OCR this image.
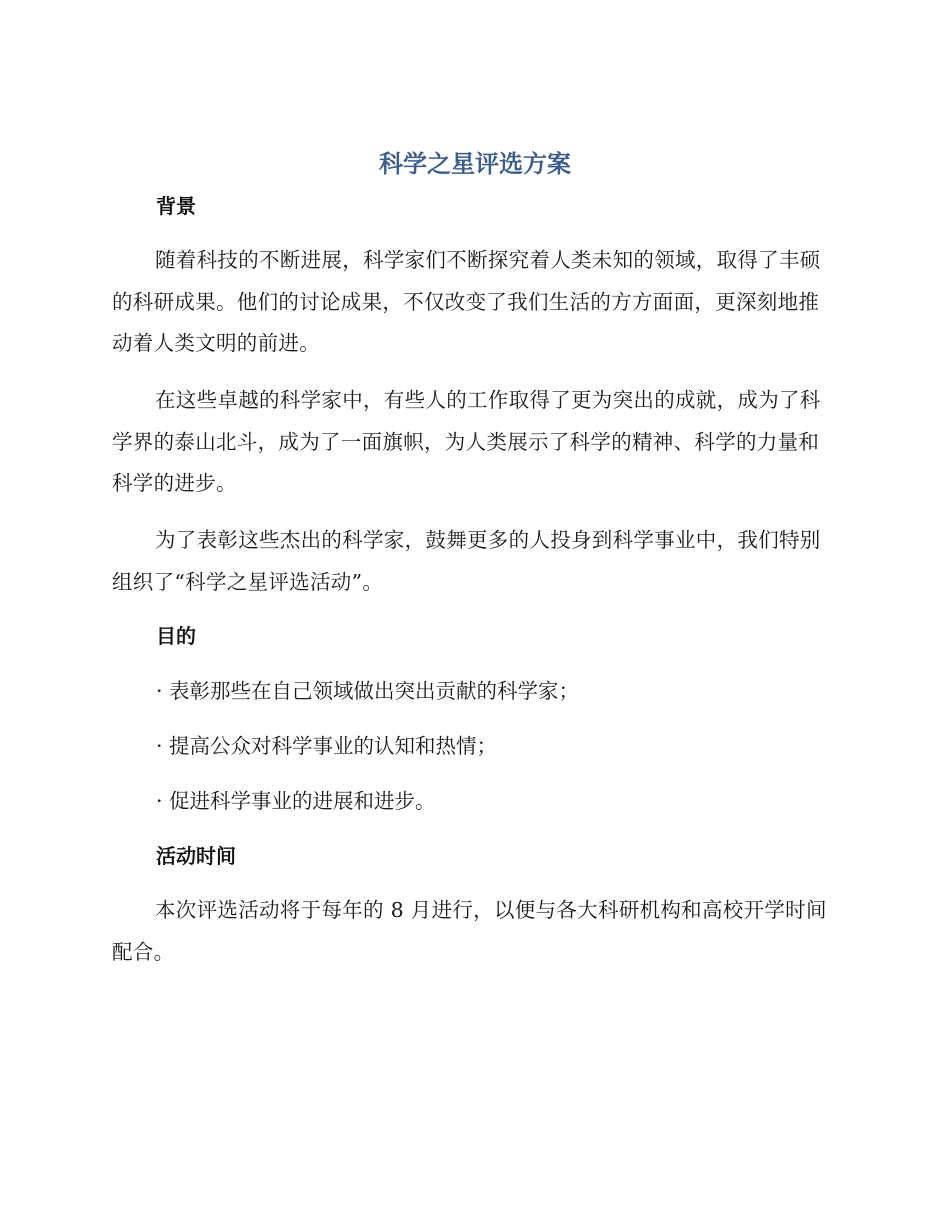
科学之星评选方案
背景

随着科技的不断进展，科学家们不断探究着人类未知的领域，取得了丰硕的科研成果。他们的讨论成果，不仅改变了我们生活的方方面面，更深刻地推动着人类文明的前进。

在这些卓越的科学家中，有些人的工作取得了更为突出的成就，成为了科学界的泰山北斗，成为了一面旗帜，为人类展示了科学的精神、科学的力量和科学的进步。

为了表彰这些杰出的科学家，鼓舞更多的人投身到科学事业中，我们特别组织了“科学之星评选活动”。

目的

· 表彰那些在自己领域做出突出贡献的科学家；

· 提高公众对科学事业的认知和热情；

· 促进科学事业的进展和进步。

活动时间

本次评选活动将于每年的 8 月进行，以便与各大科研机构和高校开学时间配合。
